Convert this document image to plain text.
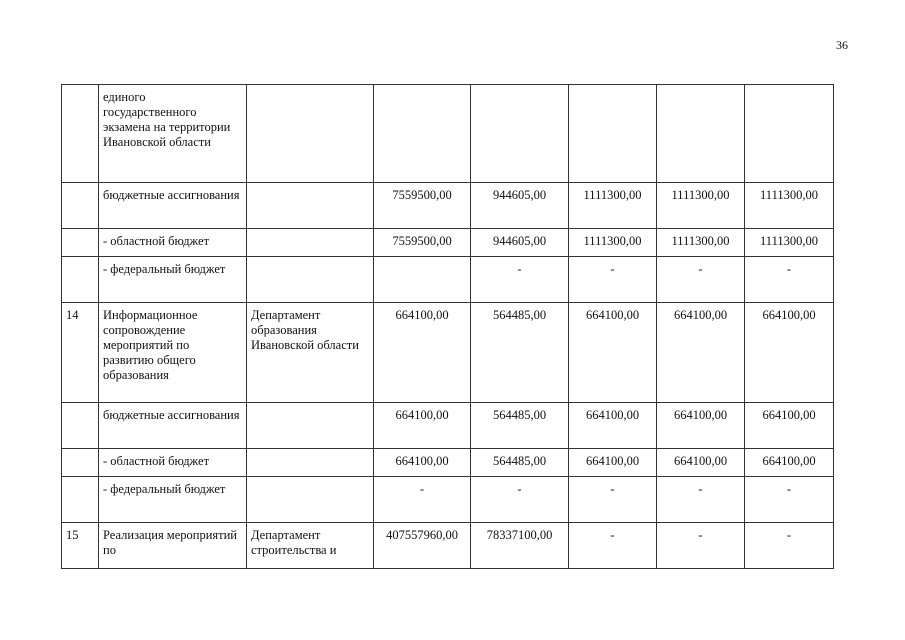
36
	единого государственного экзамена на территории Ивановской области						
	бюджетные ассигнования		7559500,00	944605,00	1111300,00	1111300,00	1111300,00
	- областной бюджет		7559500,00	944605,00	1111300,00	1111300,00	1111300,00
	- федеральный бюджет			-	-	-	-
14	Информационное сопровождение мероприятий по развитию общего образования	Департамент образования Ивановской области	664100,00	564485,00	664100,00	664100,00	664100,00
	бюджетные ассигнования		664100,00	564485,00	664100,00	664100,00	664100,00
	- областной бюджет		664100,00	564485,00	664100,00	664100,00	664100,00
	- федеральный бюджет		-	-	-	-	-
15	Реализация мероприятий по	Департамент строительства и	407557960,00	78337100,00	-	-	-
